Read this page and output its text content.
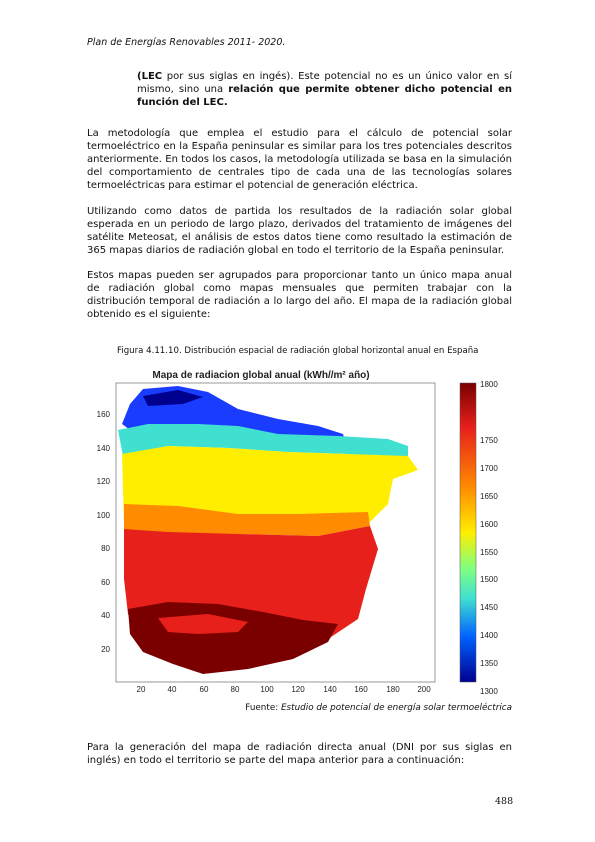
Plan de Energías Renovables 2011- 2020.

(LEC por sus siglas en ingés). Este potencial no es un único valor en sí mismo, sino una relación que permite obtener dicho potencial en función del LEC.

La metodología que emplea el estudio para el cálculo de potencial solar termoeléctrico en la España peninsular es similar para los tres potenciales descritos anteriormente. En todos los casos, la metodología utilizada se basa en la simulación del comportamiento de centrales tipo de cada una de las tecnologías solares termoeléctricas para estimar el potencial de generación eléctrica.

Utilizando como datos de partida los resultados de la radiación solar global esperada en un periodo de largo plazo, derivados del tratamiento de imágenes del satélite Meteosat, el análisis de estos datos tiene como resultado la estimación de 365 mapas diarios de radiación global en todo el territorio de la España peninsular.

Estos mapas pueden ser agrupados para proporcionar tanto un único mapa anual de radiación global como mapas mensuales que permiten trabajar con la distribución temporal de radiación a lo largo del año. El mapa de la radiación global obtenido es el siguiente:

Figura 4.11.10. Distribución espacial de radiación global horizontal anual en España
Mapa de radiacion global anual (kWh//m² año)
20	40	60	80	100 120 140 160 180 200
160
140
120
100
80
60
40
20
1800
1750
1650
1700
1600
1550
1500
1450
1400
1350
1300
Fuente: Estudio de potencial de energía solar termoeléctrica

Para la generación del mapa de radiación directa anual (DNI por sus siglas en inglés) en todo el territorio se parte del mapa anterior para a continuación:

488
